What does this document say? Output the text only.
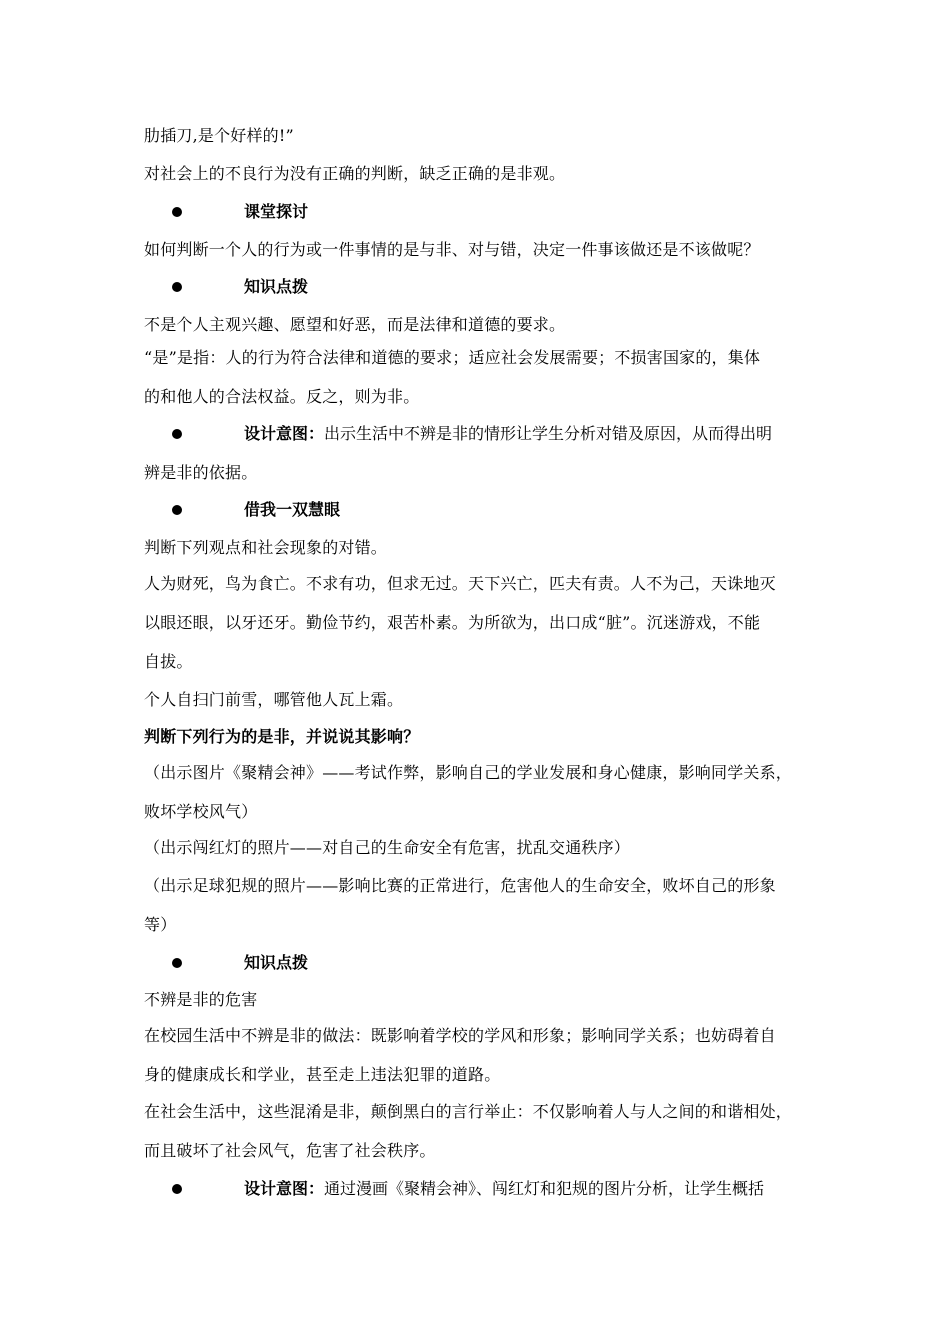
肋插刀,是个好样的!”
对社会上的不良行为没有正确的判断，缺乏正确的是非观。
课堂探讨
如何判断一个人的行为或一件事情的是与非、对与错，决定一件事该做还是不该做呢？
知识点拨
不是个人主观兴趣、愿望和好恶，而是法律和道德的要求。
“是”是指：人的行为符合法律和道德的要求；适应社会发展需要；不损害国家的，集体
的和他人的合法权益。反之，则为非。
设计意图：出示生活中不辨是非的情形让学生分析对错及原因，从而得出明
辨是非的依据。
借我一双慧眼
判断下列观点和社会现象的对错。
人为财死，鸟为食亡。不求有功，但求无过。天下兴亡，匹夫有责。人不为己，天诛地灭
以眼还眼，以牙还牙。勤俭节约，艰苦朴素。为所欲为，出口成“脏”。沉迷游戏，不能
自拔。
个人自扫门前雪，哪管他人瓦上霜。
判断下列行为的是非，并说说其影响？
（出示图片《聚精会神》——考试作弊，影响自己的学业发展和身心健康，影响同学关系，
败坏学校风气）
（出示闯红灯的照片——对自己的生命安全有危害，扰乱交通秩序）
（出示足球犯规的照片——影响比赛的正常进行，危害他人的生命安全，败坏自己的形象
等）
知识点拨
不辨是非的危害
在校园生活中不辨是非的做法：既影响着学校的学风和形象；影响同学关系；也妨碍着自
身的健康成长和学业，甚至走上违法犯罪的道路。
在社会生活中，这些混淆是非，颠倒黑白的言行举止：不仅影响着人与人之间的和谐相处，
而且破坏了社会风气，危害了社会秩序。
设计意图：通过漫画《聚精会神》、闯红灯和犯规的图片分析，让学生概括
